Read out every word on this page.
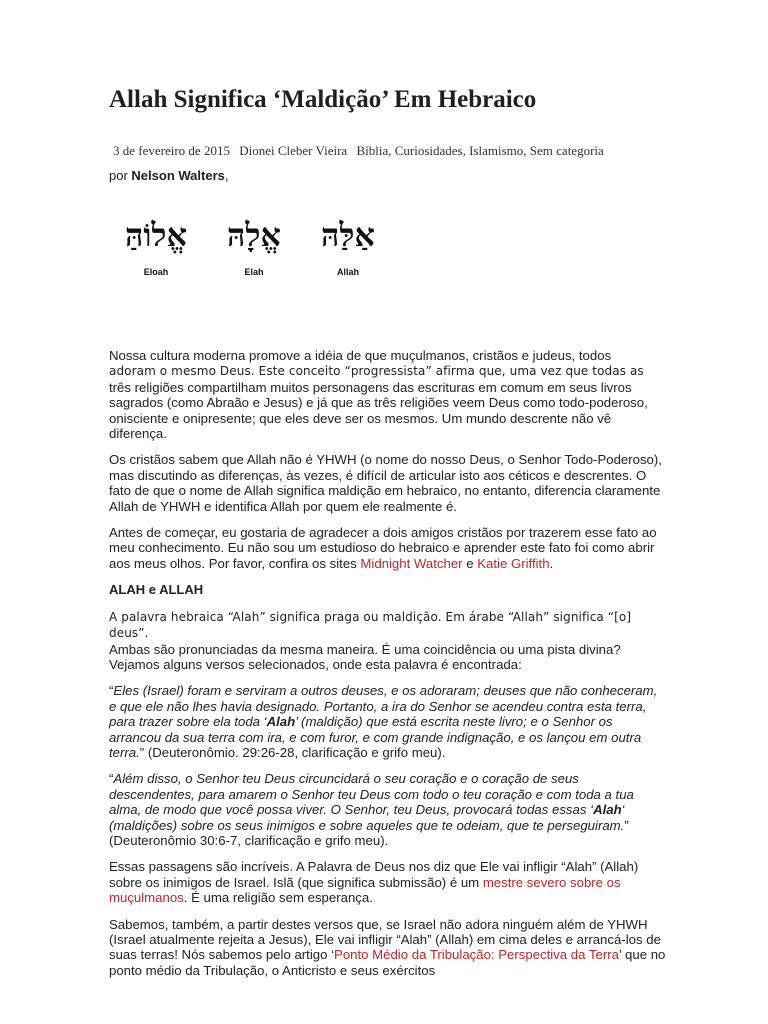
Allah Significa ‘Maldição’ Em Hebraico
3 de fevereiro de 2015 Dionei Cleber Vieira Bíblia, Curiosidades, Islamismo, Sem categoria
por Nelson Walters,
אֱלוֹהַּ
Eloah
אֱלָהּ
Elah
אַלַּהּ
Allah

Nossa cultura moderna promove a idéia de que muçulmanos, cristãos e judeus, todos
adoram o mesmo Deus. Este conceito “progressista” afirma que, uma vez que todas as
três religiões compartilham muitos personagens das escrituras em comum em seus livros sagrados (como Abraão e Jesus) e já que as três religiões veem Deus como todo-poderoso, onisciente e onipresente; que eles deve ser os mesmos. Um mundo descrente não vê diferença.

Os cristãos sabem que Allah não é YHWH (o nome do nosso Deus, o Senhor Todo-Poderoso), mas discutindo as diferenças, às vezes, é difícil de articular isto aos céticos e descrentes. O fato de que o nome de Allah significa maldição em hebraico, no entanto, diferencia claramente Allah de YHWH e identifica Allah por quem ele realmente é.

Antes de começar, eu gostaria de agradecer a dois amigos cristãos por trazerem esse fato ao meu conhecimento. Eu não sou um estudioso do hebraico e aprender este fato foi como abrir aos meus olhos. Por favor, confira os sites Midnight Watcher e Katie Griffith.

ALAH e ALLAH

A palavra hebraica “Alah” significa praga ou maldição. Em árabe “Allah” significa “[o] deus”.
Ambas são pronunciadas da mesma maneira. É uma coincidência ou uma pista divina? Vejamos alguns versos selecionados, onde esta palavra é encontrada:

“Eles (Israel) foram e serviram a outros deuses, e os adoraram; deuses que não conheceram, e que ele não lhes havia designado. Portanto, a ira do Senhor se acendeu contra esta terra, para trazer sobre ela toda ‘Alah’ (maldição) que está escrita neste livro; e o Senhor os arrancou da sua terra com ira, e com furor, e com grande indignação, e os lançou em outra terra.” (Deuteronômio. 29:26-28, clarificação e grifo meu).

“Além disso, o Senhor teu Deus circuncidará o seu coração e o coração de seus descendentes, para amarem o Senhor teu Deus com todo o teu coração e com toda a tua alma, de modo que você possa viver. O Senhor, teu Deus, provocará todas essas ‘Alah‘ (maldições) sobre os seus inimigos e sobre aqueles que te odeiam, que te perseguiram.” (Deuteronômio 30:6-7, clarificação e grifo meu).

Essas passagens são incríveis. A Palavra de Deus nos diz que Ele vai infligir “Alah” (Allah) sobre os inimigos de Israel. Islã (que significa submissão) é um mestre severo sobre os muçulmanos. É uma religião sem esperança.

Sabemos, também, a partir destes versos que, se Israel não adora ninguém além de YHWH (Israel atualmente rejeita a Jesus), Ele vai infligir “Alah” (Allah) em cima deles e arrancá-los de suas terras! Nós sabemos pelo artigo ‘Ponto Médio da Tribulação: Perspectiva da Terra’ que no ponto médio da Tribulação, o Anticristo e seus exércitos
